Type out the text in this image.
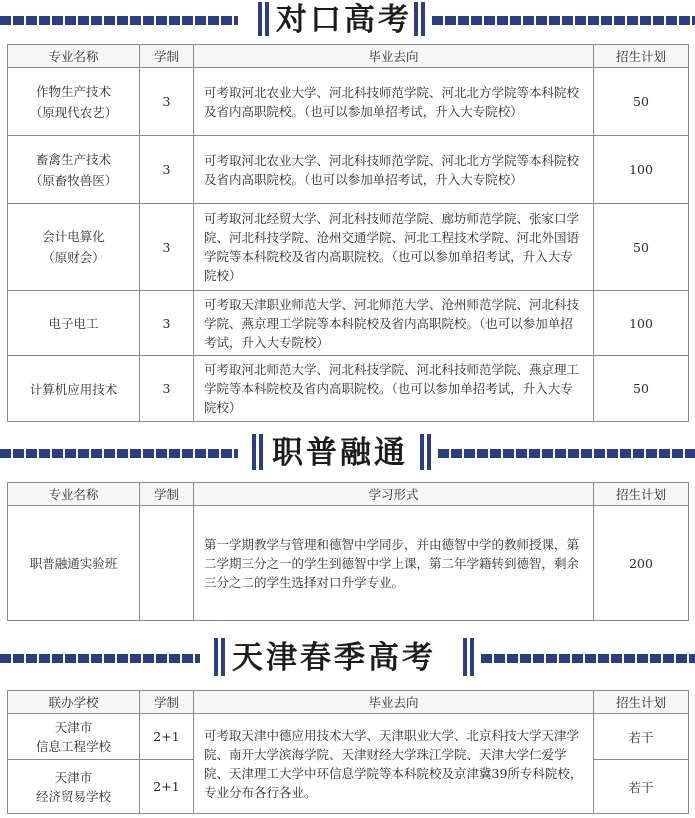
对口高考
专业名称	学制	毕业去向	招生计划
作物生产技术
（原现代农艺）	3	可考取河北农业大学、河北科技师范学院、河北北方学院等本科院校及省内高职院校。（也可以参加单招考试，升入大专院校）	50
畜禽生产技术
（原畜牧兽医）	3	可考取河北农业大学、河北科技师范学院、河北北方学院等本科院校及省内高职院校。（也可以参加单招考试，升入大专院校）	100
会计电算化
（原财会）	3	可考取河北经贸大学、河北科技师范学院、廊坊师范学院、张家口学院、河北科技学院、沧州交通学院、河北工程技术学院、河北外国语学院等本科院校及省内高职院校。（也可以参加单招考试，升入大专院校）	50
电子电工	3	可考取天津职业师范大学、河北师范大学、沧州师范学院、河北科技学院、燕京理工学院等本科院校及省内高职院校。（也可以参加单招考试，升入大专院校）	100
计算机应用技术	3	可考取河北师范大学、河北科技学院、河北科技师范学院、燕京理工学院等本科院校及省内高职院校。（也可以参加单招考试，升入大专院校）	50
职普融通
专业名称	学制	学习形式	招生计划
职普融通实验班		第一学期教学与管理和德智中学同步，并由德智中学的教师授课，第二学期三分之一的学生到德智中学上课，第二年学籍转到德智，剩余三分之二的学生选择对口升学专业。	200
天津春季高考
联办学校	学制	毕业去向	招生计划
天津市
信息工程学校	2+1	可考取天津中德应用技术大学、天津职业大学、北京科技大学天津学院、南开大学滨海学院、天津财经大学珠江学院、天津大学仁爱学院、天津理工大学中环信息学院等本科院校及京津冀39所专科院校，专业分布各行各业。	若干
天津市
经济贸易学校	2+1		若干
